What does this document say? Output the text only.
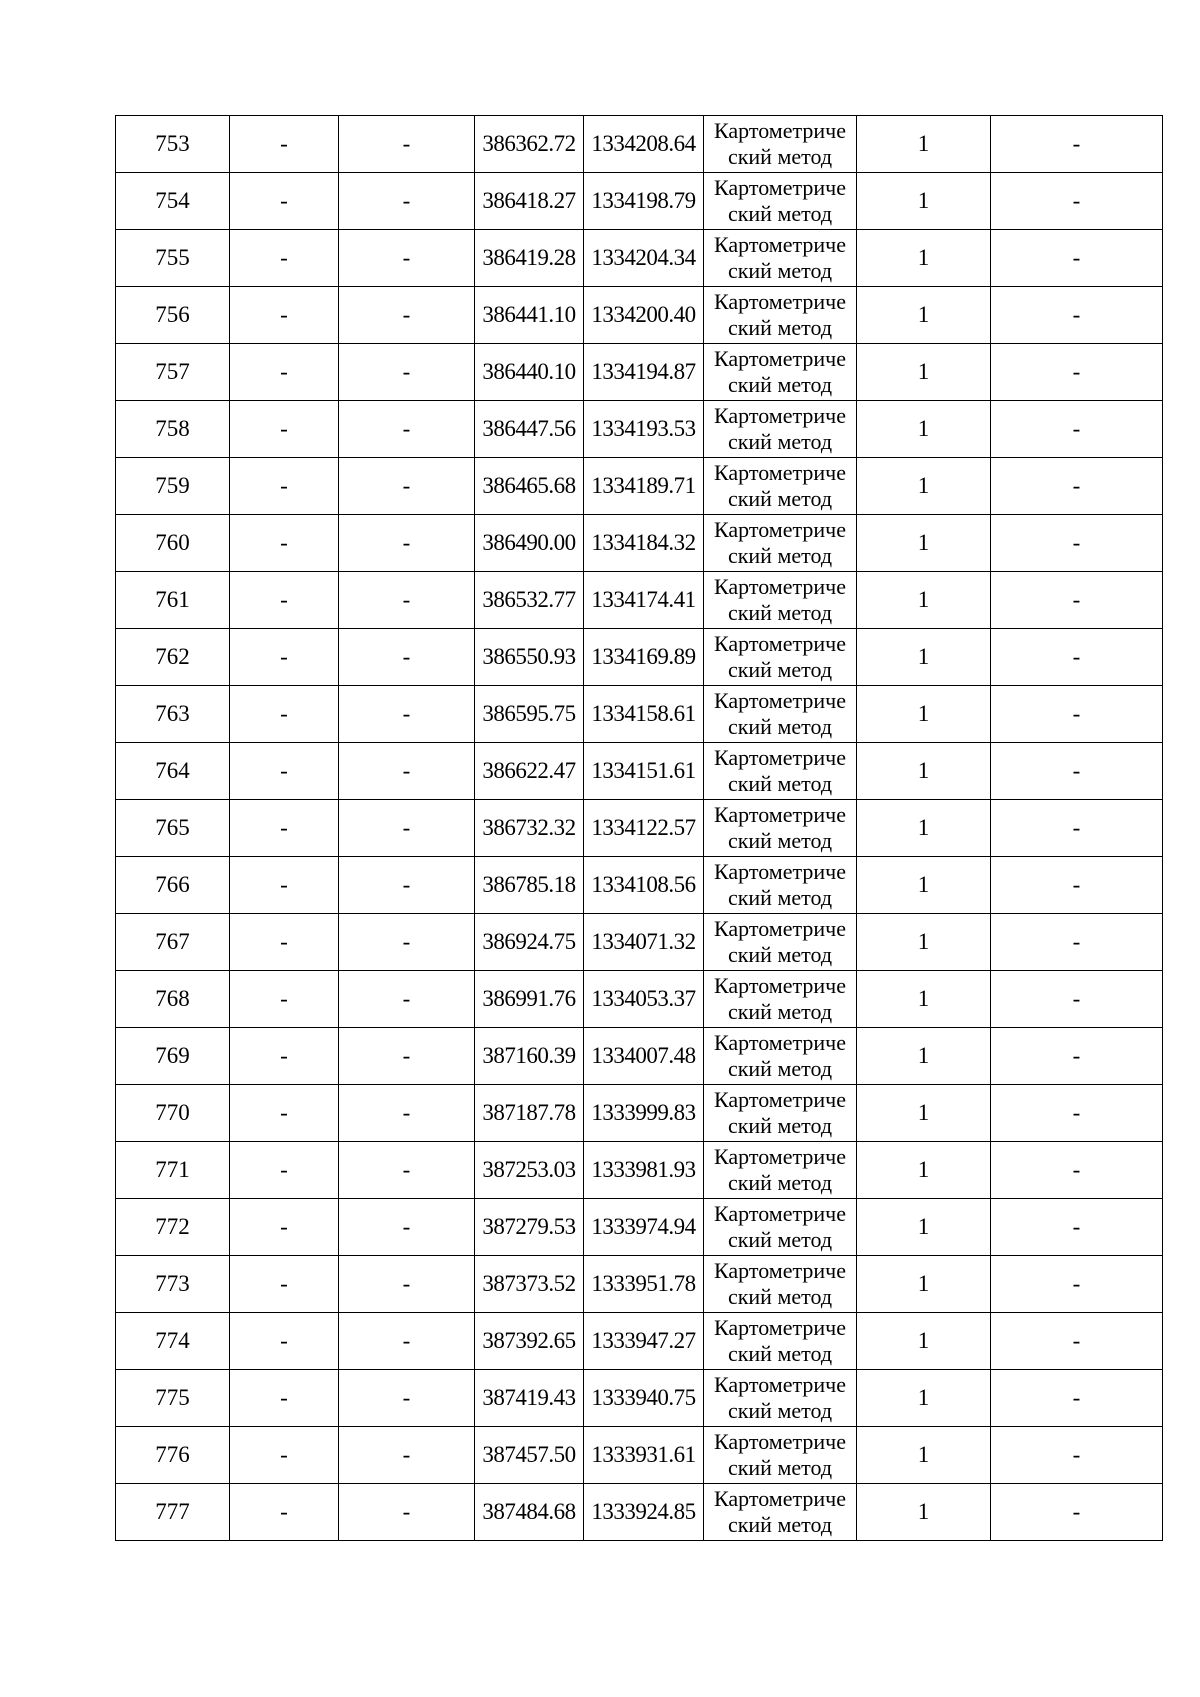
753	-	-	386362.72	1334208.64	Картометриче
ский метод	1	-
754	-	-	386418.27	1334198.79	Картометриче
ский метод	1	-
755	-	-	386419.28	1334204.34	Картометриче
ский метод	1	-
756	-	-	386441.10	1334200.40	Картометриче
ский метод	1	-
757	-	-	386440.10	1334194.87	Картометриче
ский метод	1	-
758	-	-	386447.56	1334193.53	Картометриче
ский метод	1	-
759	-	-	386465.68	1334189.71	Картометриче
ский метод	1	-
760	-	-	386490.00	1334184.32	Картометриче
ский метод	1	-
761	-	-	386532.77	1334174.41	Картометриче
ский метод	1	-
762	-	-	386550.93	1334169.89	Картометриче
ский метод	1	-
763	-	-	386595.75	1334158.61	Картометриче
ский метод	1	-
764	-	-	386622.47	1334151.61	Картометриче
ский метод	1	-
765	-	-	386732.32	1334122.57	Картометриче
ский метод	1	-
766	-	-	386785.18	1334108.56	Картометриче
ский метод	1	-
767	-	-	386924.75	1334071.32	Картометриче
ский метод	1	-
768	-	-	386991.76	1334053.37	Картометриче
ский метод	1	-
769	-	-	387160.39	1334007.48	Картометриче
ский метод	1	-
770	-	-	387187.78	1333999.83	Картометриче
ский метод	1	-
771	-	-	387253.03	1333981.93	Картометриче
ский метод	1	-
772	-	-	387279.53	1333974.94	Картометриче
ский метод	1	-
773	-	-	387373.52	1333951.78	Картометриче
ский метод	1	-
774	-	-	387392.65	1333947.27	Картометриче
ский метод	1	-
775	-	-	387419.43	1333940.75	Картометриче
ский метод	1	-
776	-	-	387457.50	1333931.61	Картометриче
ский метод	1	-
777	-	-	387484.68	1333924.85	Картометриче
ский метод	1	-
